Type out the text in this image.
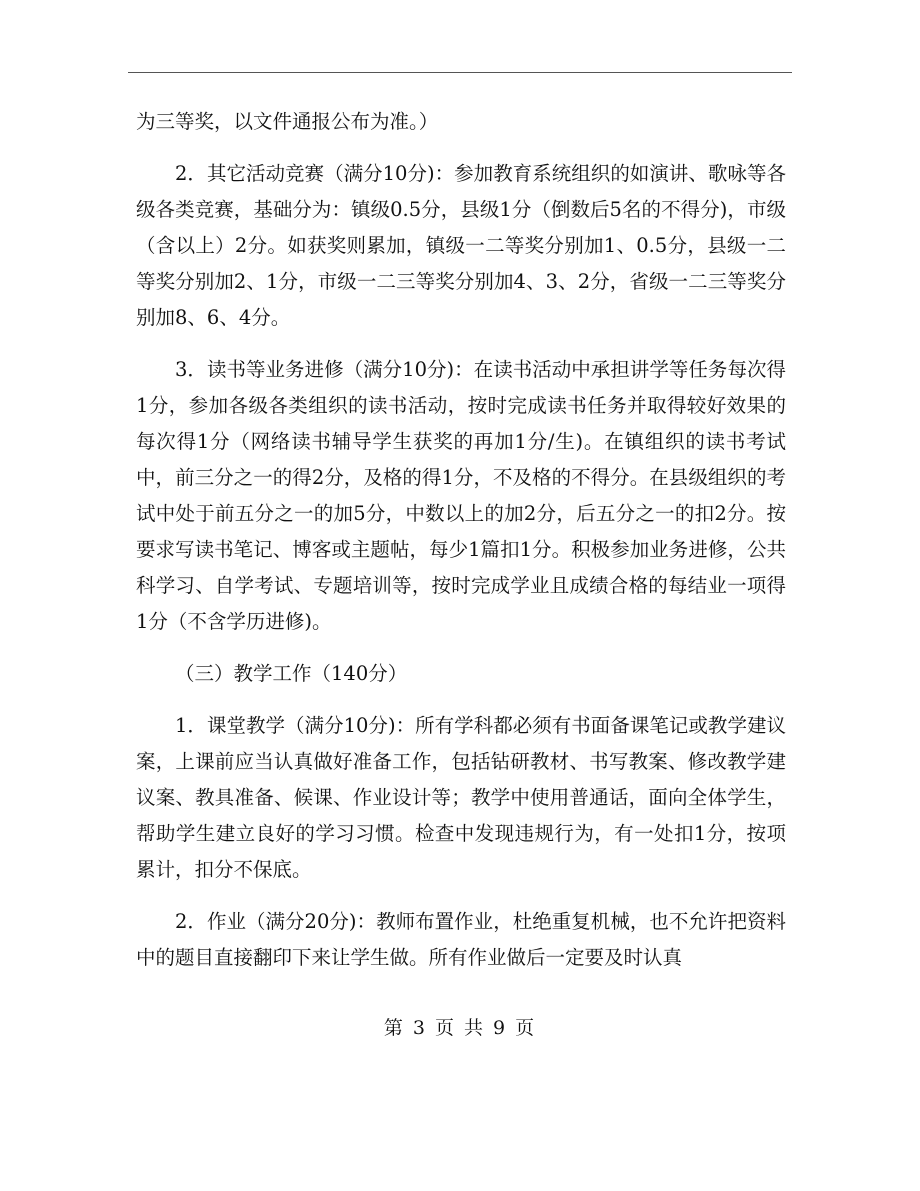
为三等奖，以文件通报公布为准。）

2．其它活动竞赛（满分10分)：参加教育系统组织的如演讲、歌咏等各级各类竞赛，基础分为：镇级0.5分，县级1分（倒数后5名的不得分)，市级（含以上）2分。如获奖则累加，镇级一二等奖分别加1、0.5分，县级一二等奖分别加2、1分，市级一二三等奖分别加4、3、2分，省级一二三等奖分别加8、6、4分。

3．读书等业务进修（满分10分)：在读书活动中承担讲学等任务每次得1分，参加各级各类组织的读书活动，按时完成读书任务并取得较好效果的每次得1分（网络读书辅导学生获奖的再加1分/生)。在镇组织的读书考试中，前三分之一的得2分，及格的得1分，不及格的不得分。在县级组织的考试中处于前五分之一的加5分，中数以上的加2分，后五分之一的扣2分。按要求写读书笔记、博客或主题帖，每少1篇扣1分。积极参加业务进修，公共科学习、自学考试、专题培训等，按时完成学业且成绩合格的每结业一项得1分（不含学历进修)。

（三）教学工作（140分）

1．课堂教学（满分10分)：所有学科都必须有书面备课笔记或教学建议案，上课前应当认真做好准备工作，包括钻研教材、书写教案、修改教学建议案、教具准备、候课、作业设计等；教学中使用普通话，面向全体学生，帮助学生建立良好的学习习惯。检查中发现违规行为，有一处扣1分，按项累计，扣分不保底。

2．作业（满分20分)：教师布置作业，杜绝重复机械，也不允许把资料中的题目直接翻印下来让学生做。所有作业做后一定要及时认真

第 3 页 共 9 页
